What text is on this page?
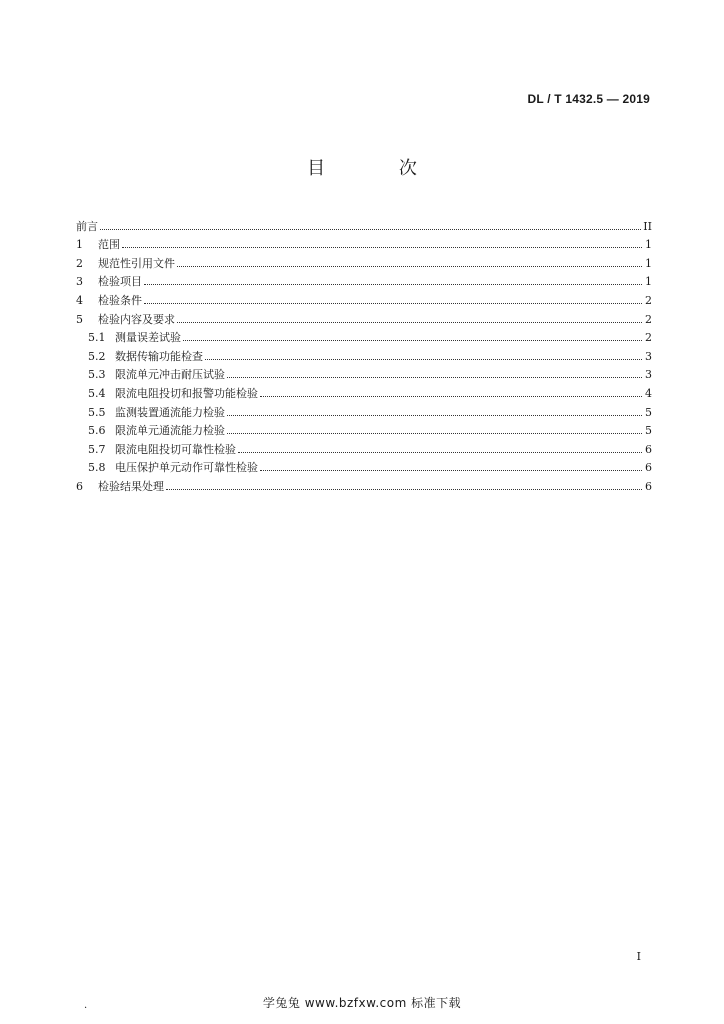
DL / T 1432.5 — 2019
目 次
前言	II
1	范围	1
2	规范性引用文件	1
3	检验项目	1
4	检验条件	2
5	检验内容及要求	2
5.1 测量误差试验	2
5.2 数据传输功能检查	3
5.3 限流单元冲击耐压试验	3
5.4 限流电阻投切和报警功能检验	4
5.5 监测装置通流能力检验	5
5.6 限流单元通流能力检验	5
5.7 限流电阻投切可靠性检验	6
5.8 电压保护单元动作可靠性检验	6
6	检验结果处理	6
I
.	学兔兔 www.bzfxw.com 标准下载
